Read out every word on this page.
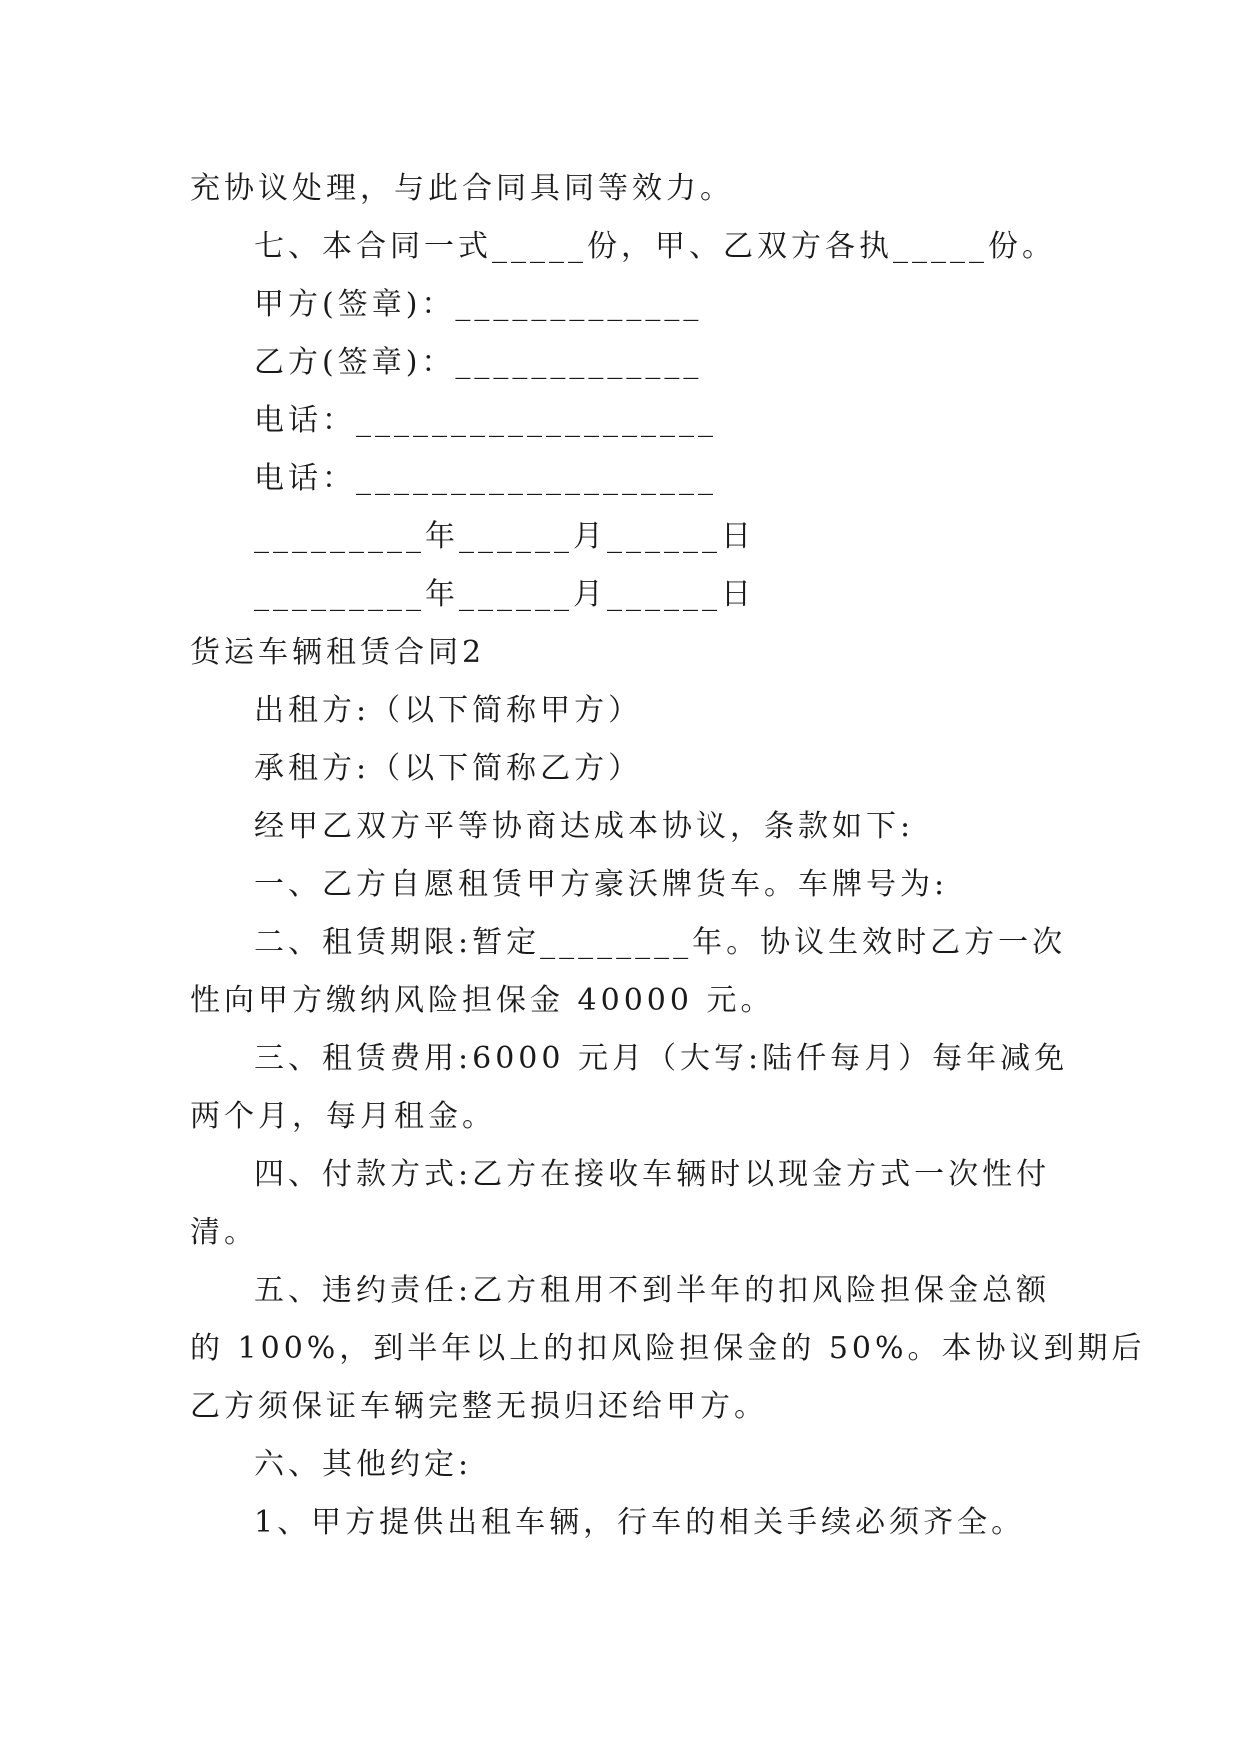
充协议处理，与此合同具同等效力。
七、本合同一式_____份，甲、乙双方各执_____份。
甲方(签章)：_____________
乙方(签章)：_____________
电话：___________________
电话：___________________
_________年______月______日
_________年______月______日
货运车辆租赁合同2
出租方:（以下简称甲方）
承租方:（以下简称乙方）
经甲乙双方平等协商达成本协议，条款如下:
一、乙方自愿租赁甲方豪沃牌货车。车牌号为:
二、租赁期限:暂定________年。协议生效时乙方一次
性向甲方缴纳风险担保金 40000 元。
三、租赁费用:6000 元月（大写:陆仟每月）每年减免
两个月，每月租金。
四、付款方式:乙方在接收车辆时以现金方式一次性付
清。
五、违约责任:乙方租用不到半年的扣风险担保金总额
的 100%，到半年以上的扣风险担保金的 50%。本协议到期后
乙方须保证车辆完整无损归还给甲方。
六、其他约定:
1、甲方提供出租车辆，行车的相关手续必须齐全。
